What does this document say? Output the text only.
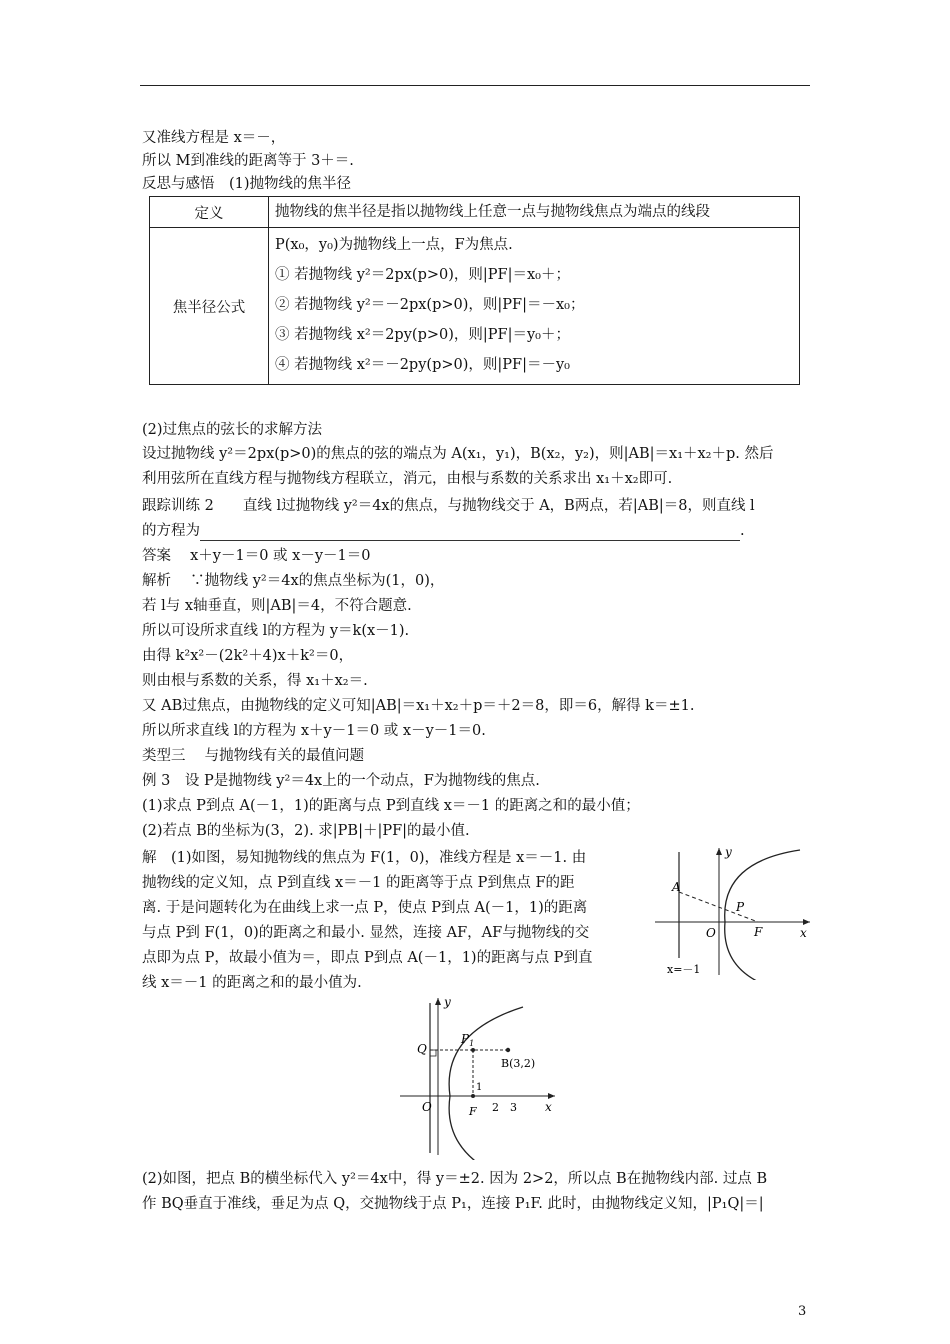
又准线方程是 x＝－，
所以 M到准线的距离等于 3＋＝.
反思与感悟　(1)抛物线的焦半径
定义	抛物线的焦半径是指以抛物线上任意一点与抛物线焦点为端点的线段
焦半径公式	P(x₀，y₀)为抛物线上一点，F为焦点.
① 若抛物线 y²＝2px(p>0)，则|PF|＝x₀＋；
② 若抛物线 y²＝－2px(p>0)，则|PF|＝－x₀；
③ 若抛物线 x²＝2py(p>0)，则|PF|＝y₀＋；
④ 若抛物线 x²＝－2py(p>0)，则|PF|＝－y₀
(2)过焦点的弦长的求解方法
设过抛物线 y²＝2px(p>0)的焦点的弦的端点为 A(x₁，y₁)，B(x₂，y₂)，则|AB|＝x₁＋x₂＋p. 然后
利用弦所在直线方程与抛物线方程联立，消元，由根与系数的关系求出 x₁＋x₂即可.
跟踪训练 2　　直线 l过抛物线 y²＝4x的焦点，与抛物线交于 A，B两点，若|AB|＝8，则直线 l
的方程为	.
答案　 x＋y－1＝0 或 x－y－1＝0
解析　 ∵抛物线 y²＝4x的焦点坐标为(1，0)，
若 l与 x轴垂直，则|AB|＝4，不符合题意.
所以可设所求直线 l的方程为 y＝k(x－1).
由得 k²x²－(2k²＋4)x＋k²＝0，
则由根与系数的关系，得 x₁＋x₂＝.
又 AB过焦点，由抛物线的定义可知|AB|＝x₁＋x₂＋p＝＋2＝8，即＝6，解得 k＝±1.
所以所求直线 l的方程为 x＋y－1＝0 或 x－y－1＝0.
类型三　 与抛物线有关的最值问题
例 3　设 P是抛物线 y²＝4x上的一个动点，F为抛物线的焦点.
(1)求点 P到点 A(－1，1)的距离与点 P到直线 x＝－1 的距离之和的最小值；
(2)若点 B的坐标为(3，2). 求|PB|＋|PF|的最小值.
解　(1)如图，易知抛物线的焦点为 F(1，0)，准线方程是 x＝－1. 由
抛物线的定义知，点 P到直线 x＝－1 的距离等于点 P到焦点 F的距
离. 于是问题转化为在曲线上求一点 P，使点 P到点 A(－1，1)的距离
与点 P到 F(1，0)的距离之和最小. 显然，连接 AF，AF与抛物线的交
点即为点 P，故最小值为＝，即点 P到点 A(－1，1)的距离与点 P到直
线 x＝－1 的距离之和的最小值为.
A
P
F
O	x
y
x=－1
Q
$P_1$
B(3,2)
O	F
1
2 3 x
y
(2)如图，把点 B的横坐标代入 y²＝4x中，得 y＝±2. 因为 2>2，所以点 B在抛物线内部. 过点 B
作 BQ垂直于准线，垂足为点 Q，交抛物线于点 P₁，连接 P₁F. 此时，由抛物线定义知，|P₁Q|＝|
3
